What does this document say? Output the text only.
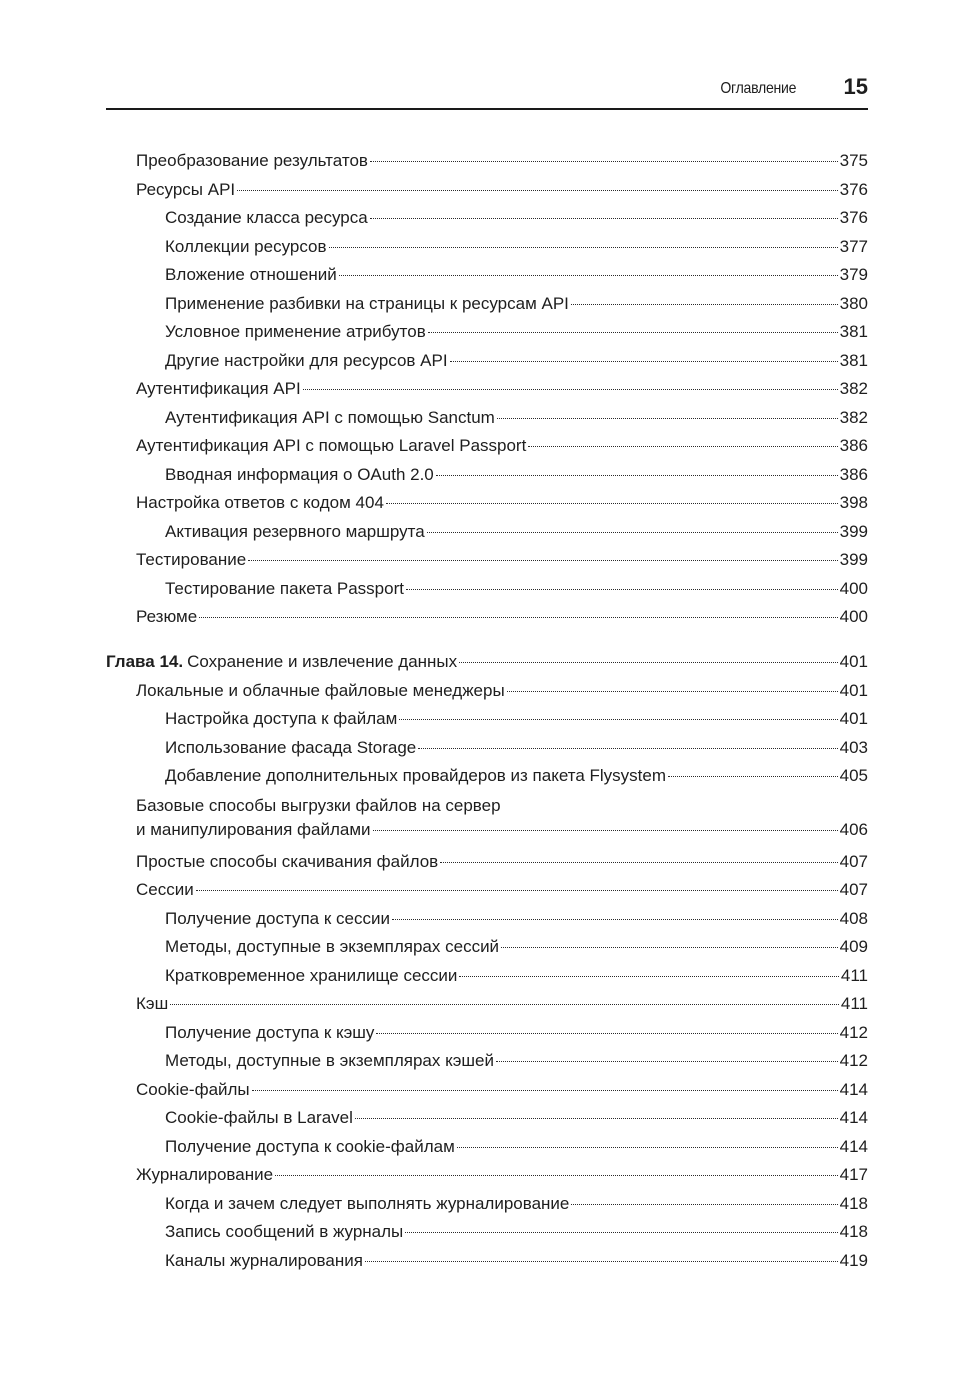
Оглавление 15
Преобразование результатов	375
Ресурсы API	376
Создание класса ресурса	376
Коллекции ресурсов	377
Вложение отношений	379
Применение разбивки на страницы к ресурсам API	380
Условное применение атрибутов	381
Другие настройки для ресурсов API	381
Аутентификация API	382
Аутентификация API с помощью Sanctum	382
Аутентификация API с помощью Laravel Passport	386
Вводная информация о OAuth 2.0	386
Настройка ответов с кодом 404	398
Активация резервного маршрута	399
Тестирование	399
Тестирование пакета Passport	400
Резюме	400
Глава 14. Сохранение и извлечение данных	401
Локальные и облачные файловые менеджеры	401
Настройка доступа к файлам	401
Использование фасада Storage	403
Добавление дополнительных провайдеров из пакета Flysystem	405
Базовые способы выгрузки файлов на сервер
и манипулирования файлами	406
Простые способы скачивания файлов	407
Сессии	407
Получение доступа к сессии	408
Методы, доступные в экземплярах сессий	409
Кратковременное хранилище сессии	411
Кэш	411
Получение доступа к кэшу	412
Методы, доступные в экземплярах кэшей	412
Cookie-файлы	414
Cookie-файлы в Laravel	414
Получение доступа к cookie-файлам	414
Журналирование	417
Когда и зачем следует выполнять журналирование	418
Запись сообщений в журналы	418
Каналы журналирования	419
